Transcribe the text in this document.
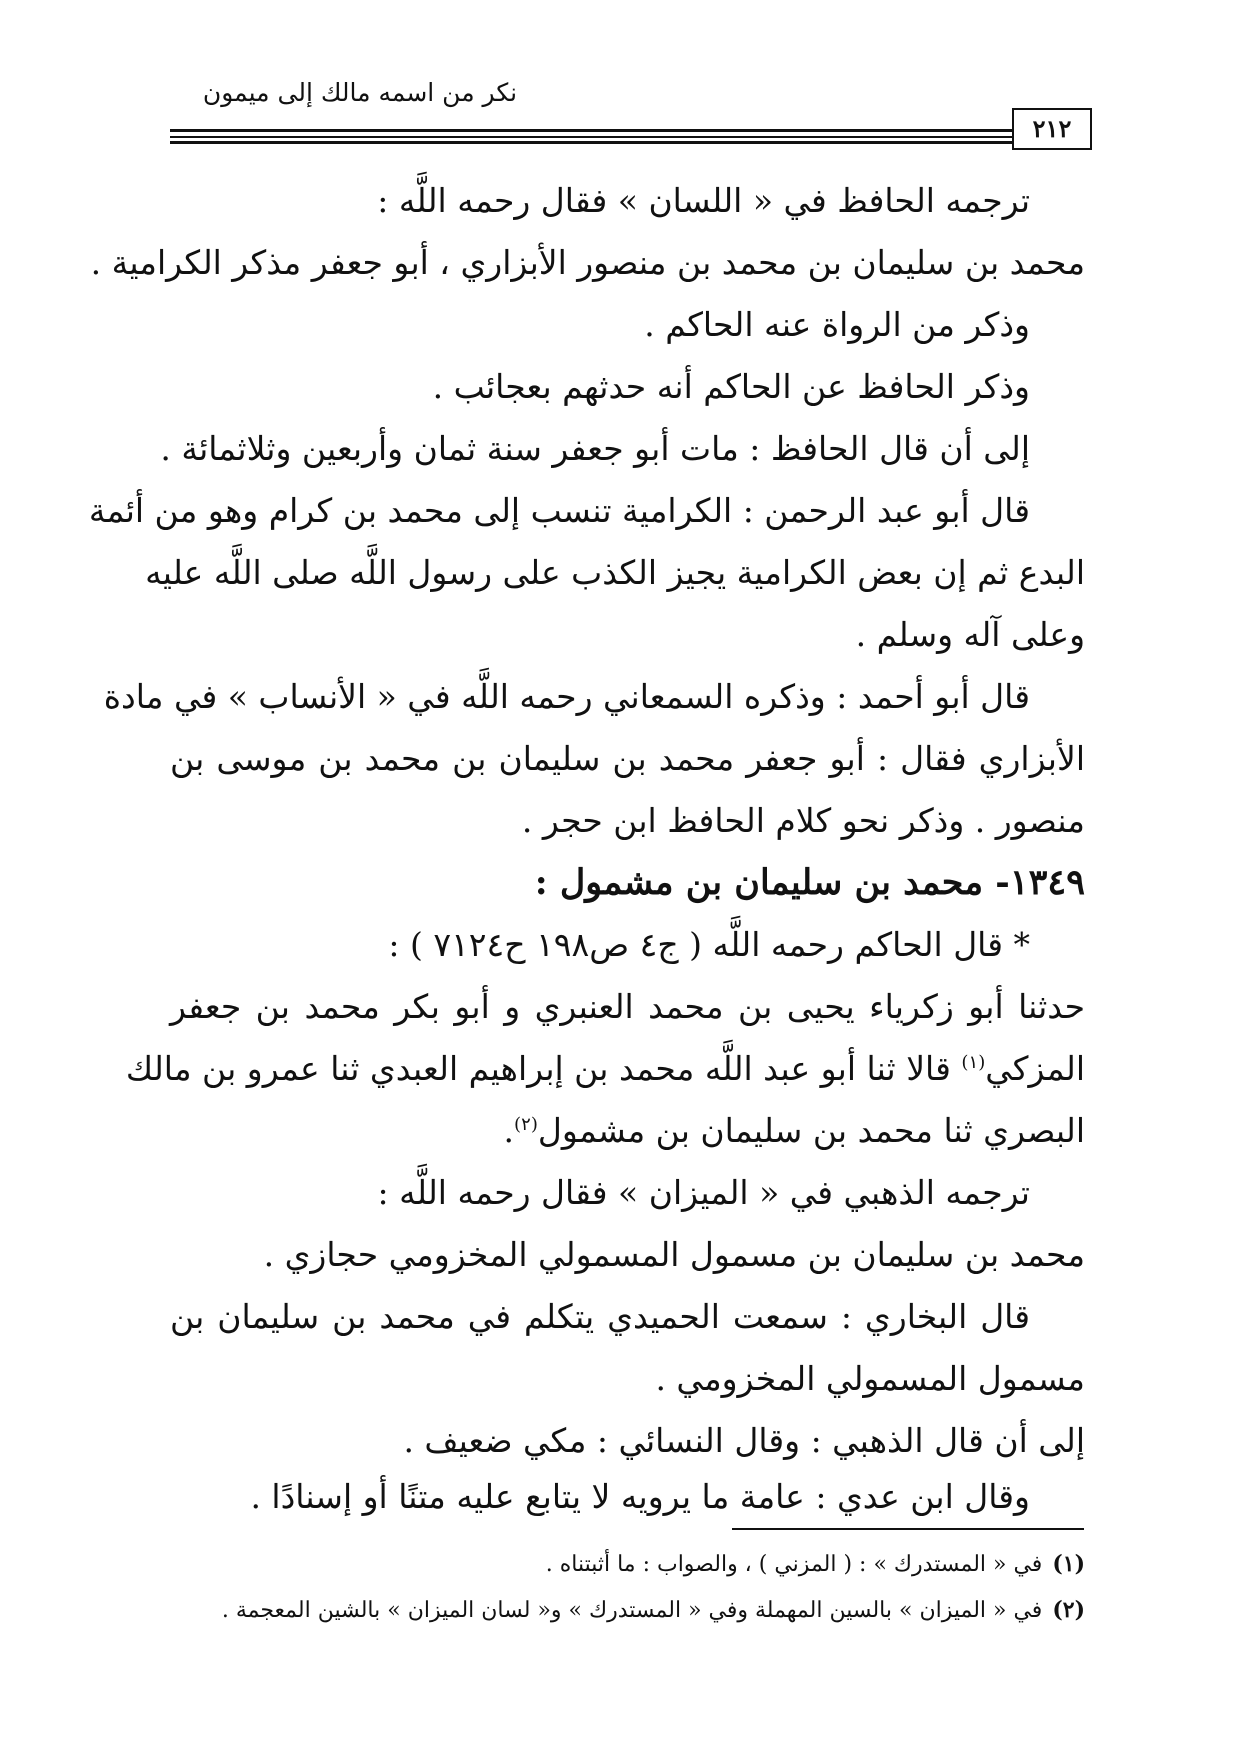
نكر من اسمه مالك إلى ميمون
٢١٢
ترجمه الحافظ في « اللسان » فقال رحمه اللَّه :
محمد بن سليمان بن محمد بن منصور الأبزاري ، أبو جعفر مذكر الكرامية .
وذكر من الرواة عنه الحاكم .
وذكر الحافظ عن الحاكم أنه حدثهم بعجائب .
إلى أن قال الحافظ : مات أبو جعفر سنة ثمان وأربعين وثلاثمائة .
قال أبو عبد الرحمن : الكرامية تنسب إلى محمد بن كرام وهو من أئمة
البدع ثم إن بعض الكرامية يجيز الكذب على رسول اللَّه صلى اللَّه عليه
وعلى آله وسلم .
قال أبو أحمد : وذكره السمعاني رحمه اللَّه في « الأنساب » في مادة
الأبزاري فقال : أبو جعفر محمد بن سليمان بن محمد بن موسى بن
منصور . وذكر نحو كلام الحافظ ابن حجر .
١٣٤٩- محمد بن سليمان بن مشمول :
* قال الحاكم رحمه اللَّه ( ج٤ ص١٩٨ ح٧١٢٤ ) :
حدثنا أبو زكرياء يحيى بن محمد العنبري و أبو بكر محمد بن جعفر
المزكي$^{(١)}$ قالا ثنا أبو عبد اللَّه محمد بن إبراهيم العبدي ثنا عمرو بن مالك
البصري ثنا محمد بن سليمان بن مشمول$^{(٢)}$.
ترجمه الذهبي في « الميزان » فقال رحمه اللَّه :
محمد بن سليمان بن مسمول المسمولي المخزومي حجازي .
قال البخاري : سمعت الحميدي يتكلم في محمد بن سليمان بن
مسمول المسمولي المخزومي .
إلى أن قال الذهبي : وقال النسائي : مكي ضعيف .
وقال ابن عدي : عامة ما يرويه لا يتابع عليه متنًا أو إسنادًا .
(١)في « المستدرك » : ( المزني ) ، والصواب : ما أثبتناه .
(٢)في « الميزان » بالسين المهملة وفي « المستدرك » و« لسان الميزان » بالشين المعجمة .
